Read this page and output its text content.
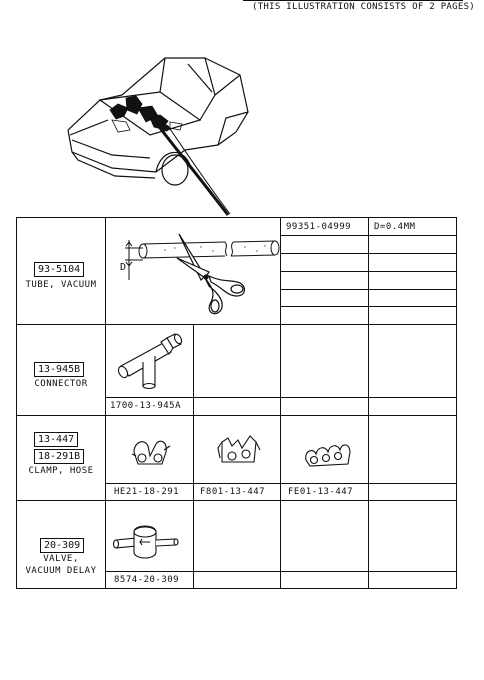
(THIS ILLUSTRATION CONSISTS OF 2 PAGES)
93-5104
TUBE, VACUUM
99351-04999	D=0.4MM
D
13-945B
CONNECTOR
1700-13-945A
13-447
18-291B
CLAMP, HOSE
HE21-18-291 F801-13-447	FE01-13-447
20-309
VALVE,
VACUUM DELAY
8574-20-309
